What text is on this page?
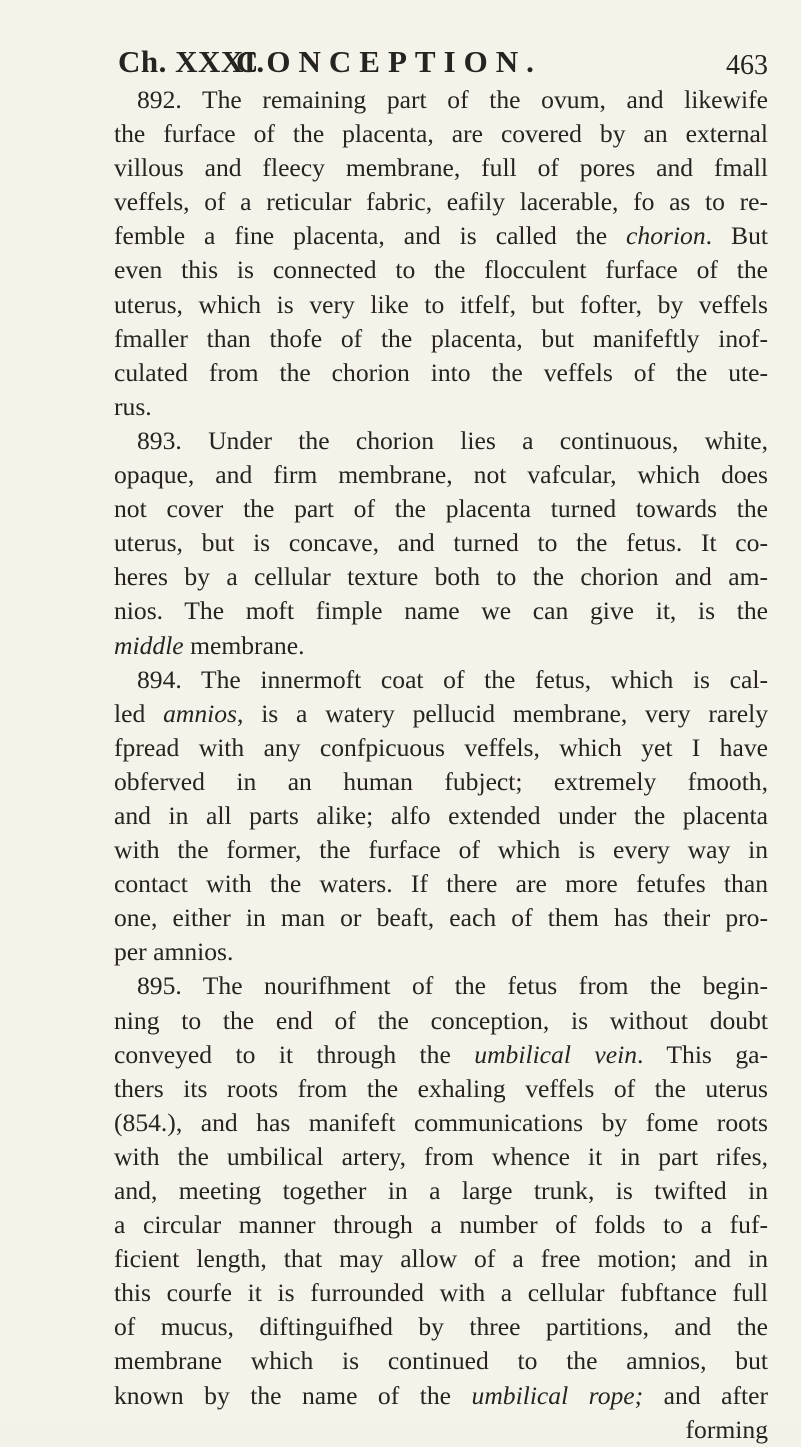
Ch. XXXI.
CONCEPTION.	463
892. The remaining part of the ovum, and likewife
the furface of the placenta, are covered by an external
villous and fleecy membrane, full of pores and fmall
veffels, of a reticular fabric, eafily lacerable, fo as to re-
femble a fine placenta, and is called the chorion. But
even this is connected to the flocculent furface of the
uterus, which is very like to itfelf, but fofter, by veffels
fmaller than thofe of the placenta, but manifeftly inof-
culated from the chorion into the veffels of the ute-
rus.
893. Under the chorion lies a continuous, white,
opaque, and firm membrane, not vafcular, which does
not cover the part of the placenta turned towards the
uterus, but is concave, and turned to the fetus. It co-
heres by a cellular texture both to the chorion and am-
nios. The moft fimple name we can give it, is the
middle membrane.
894. The innermoft coat of the fetus, which is cal-
led amnios, is a watery pellucid membrane, very rarely
fpread with any confpicuous veffels, which yet I have
obferved in an human fubject; extremely fmooth,
and in all parts alike; alfo extended under the placenta
with the former, the furface of which is every way in
contact with the waters. If there are more fetufes than
one, either in man or beaft, each of them has their pro-
per amnios.
895. The nourifhment of the fetus from the begin-
ning to the end of the conception, is without doubt
conveyed to it through the umbilical vein. This ga-
thers its roots from the exhaling veffels of the uterus
(854.), and has manifeft communications by fome roots
with the umbilical artery, from whence it in part rifes,
and, meeting together in a large trunk, is twifted in
a circular manner through a number of folds to a fuf-
ficient length, that may allow of a free motion; and in
this courfe it is furrounded with a cellular fubftance full
of mucus, diftinguifhed by three partitions, and the
membrane which is continued to the amnios, but
known by the name of the umbilical rope; and after
forming
